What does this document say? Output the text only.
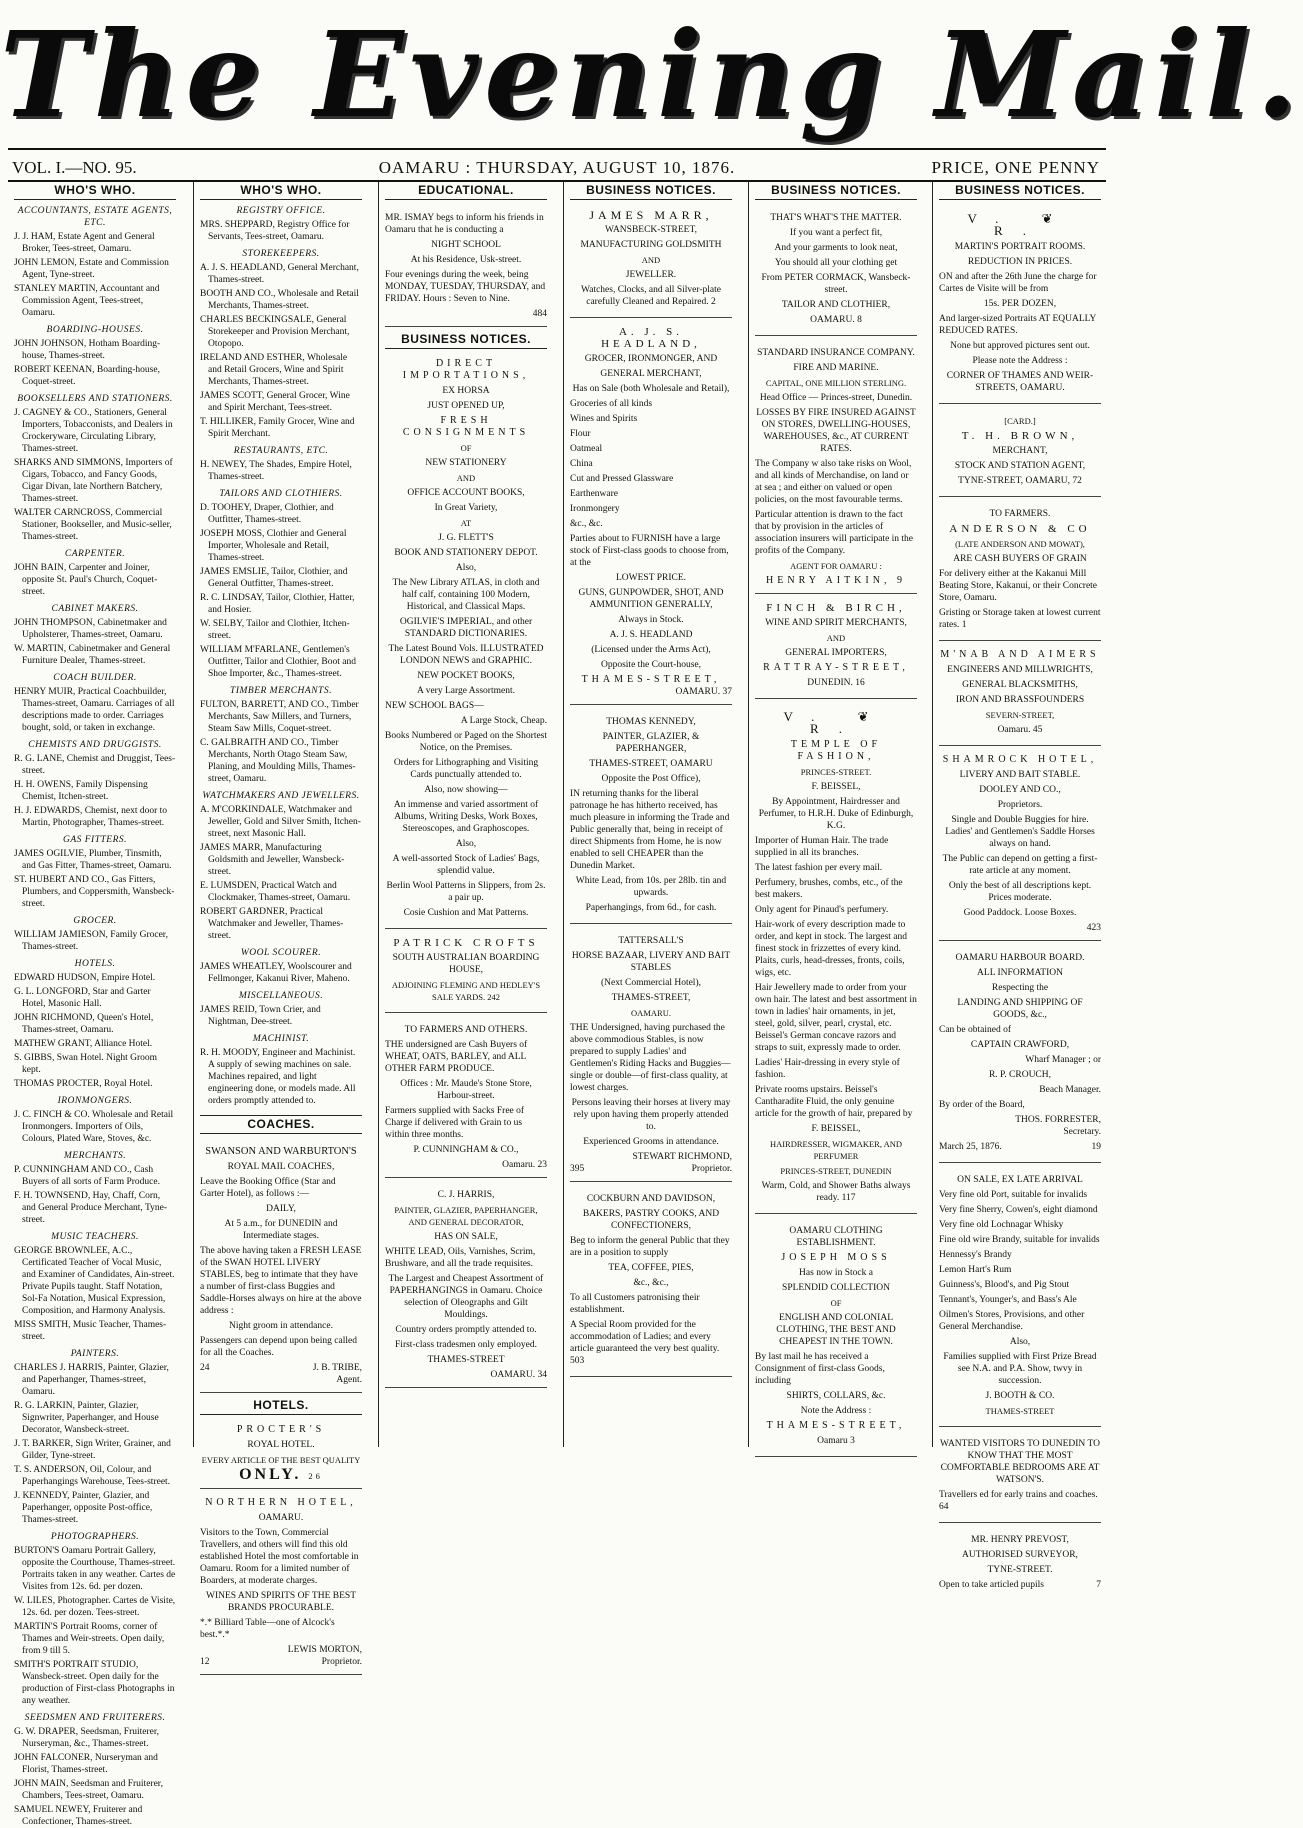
The Evening Mail.
VOL. I.—NO. 95.	OAMARU : THURSDAY, AUGUST 10, 1876.	PRICE, ONE PENNY
WHO'S WHO.
ACCOUNTANTS, ESTATE AGENTS, ETC.
J. J. HAM, Estate Agent and General Broker, Tees-street, Oamaru.
JOHN LEMON, Estate and Commission Agent, Tyne-street.
STANLEY MARTIN, Accountant and Commission Agent, Tees-street, Oamaru.
BOARDING-HOUSES.
JOHN JOHNSON, Hotham Boarding-house, Thames-street.
ROBERT KEENAN, Boarding-house, Coquet-street.
BOOKSELLERS AND STATIONERS.
J. CAGNEY & CO., Stationers, General Importers, Tobacconists, and Dealers in Crockeryware, Circulating Library, Thames-street.
SHARKS AND SIMMONS, Importers of Cigars, Tobacco, and Fancy Goods, Cigar Divan, late Northern Batchery, Thames-street.
WALTER CARNCROSS, Commercial Stationer, Bookseller, and Music-seller, Thames-street.
CARPENTER.
JOHN BAIN, Carpenter and Joiner, opposite St. Paul's Church, Coquet-street.
CABINET MAKERS.
JOHN THOMPSON, Cabinetmaker and Upholsterer, Thames-street, Oamaru.
W. MARTIN, Cabinetmaker and General Furniture Dealer, Thames-street.
COACH BUILDER.
HENRY MUIR, Practical Coachbuilder, Thames-street, Oamaru. Carriages of all descriptions made to order. Carriages bought, sold, or taken in exchange.
CHEMISTS AND DRUGGISTS.
R. G. LANE, Chemist and Druggist, Tees-street.
H. H. OWENS, Family Dispensing Chemist, Itchen-street.
H. J. EDWARDS, Chemist, next door to Martin, Photographer, Thames-street.
GAS FITTERS.
JAMES OGILVIE, Plumber, Tinsmith, and Gas Fitter, Thames-street, Oamaru.
ST. HUBERT AND CO., Gas Fitters, Plumbers, and Coppersmith, Wansbeck-street.
GROCER.
WILLIAM JAMIESON, Family Grocer, Thames-street.
HOTELS.
EDWARD HUDSON, Empire Hotel.
G. L. LONGFORD, Star and Garter Hotel, Masonic Hall.
JOHN RICHMOND, Queen's Hotel, Thames-street, Oamaru.
MATHEW GRANT, Alliance Hotel.
S. GIBBS, Swan Hotel. Night Groom kept.
THOMAS PROCTER, Royal Hotel.
IRONMONGERS.
J. C. FINCH & CO. Wholesale and Retail Ironmongers. Importers of Oils, Colours, Plated Ware, Stoves, &c.
MERCHANTS.
P. CUNNINGHAM AND CO., Cash Buyers of all sorts of Farm Produce.
F. H. TOWNSEND, Hay, Chaff, Corn, and General Produce Merchant, Tyne-street.
MUSIC TEACHERS.
GEORGE BROWNLEE, A.C., Certificated Teacher of Vocal Music, and Examiner of Candidates, Ain-street. Private Pupils taught. Staff Notation, Sol-Fa Notation, Musical Expression, Composition, and Harmony Analysis.
MISS SMITH, Music Teacher, Thames-street.
PAINTERS.
CHARLES J. HARRIS, Painter, Glazier, and Paperhanger, Thames-street, Oamaru.
R. G. LARKIN, Painter, Glazier, Signwriter, Paperhanger, and House Decorator, Wansbeck-street.
J. T. BARKER, Sign Writer, Grainer, and Gilder, Tyne-street.
T. S. ANDERSON, Oil, Colour, and Paperhangings Warehouse, Tees-street.
J. KENNEDY, Painter, Glazier, and Paperhanger, opposite Post-office, Thames-street.
PHOTOGRAPHERS.
BURTON'S Oamaru Portrait Gallery, opposite the Courthouse, Thames-street. Portraits taken in any weather. Cartes de Visites from 12s. 6d. per dozen.
W. LILES, Photographer. Cartes de Visite, 12s. 6d. per dozen. Tees-street.
MARTIN'S Portrait Rooms, corner of Thames and Weir-streets. Open daily, from 9 till 5.
SMITH'S PORTRAIT STUDIO, Wansbeck-street. Open daily for the production of First-class Photographs in any weather.
SEEDSMEN AND FRUITERERS.
G. W. DRAPER, Seedsman, Fruiterer, Nurseryman, &c., Thames-street.
JOHN FALCONER, Nurseryman and Florist, Thames-street.
JOHN MAIN, Seedsman and Fruiterer, Chambers, Tees-street, Oamaru.
SAMUEL NEWEY, Fruiterer and Confectioner, Thames-street.
WHO'S WHO.
REGISTRY OFFICE.
MRS. SHEPPARD, Registry Office for Servants, Tees-street, Oamaru.
STOREKEEPERS.
A. J. S. HEADLAND, General Merchant, Thames-street.
BOOTH AND CO., Wholesale and Retail Merchants, Thames-street.
CHARLES BECKINGSALE, General Storekeeper and Provision Merchant, Otopopo.
IRELAND AND ESTHER, Wholesale and Retail Grocers, Wine and Spirit Merchants, Thames-street.
JAMES SCOTT, General Grocer, Wine and Spirit Merchant, Tees-street.
T. HILLIKER, Family Grocer, Wine and Spirit Merchant.
RESTAURANTS, ETC.
H. NEWEY, The Shades, Empire Hotel, Thames-street.
TAILORS AND CLOTHIERS.
D. TOOHEY, Draper, Clothier, and Outfitter, Thames-street.
JOSEPH MOSS, Clothier and General Importer, Wholesale and Retail, Thames-street.
JAMES EMSLIE, Tailor, Clothier, and General Outfitter, Thames-street.
R. C. LINDSAY, Tailor, Clothier, Hatter, and Hosier.
W. SELBY, Tailor and Clothier, Itchen-street.
WILLIAM M'FARLANE, Gentlemen's Outfitter, Tailor and Clothier, Boot and Shoe Importer, &c., Thames-street.
TIMBER MERCHANTS.
FULTON, BARRETT, AND CO., Timber Merchants, Saw Millers, and Turners, Steam Saw Mills, Coquet-street.
C. GALBRAITH AND CO., Timber Merchants, North Otago Steam Saw, Planing, and Moulding Mills, Thames-street, Oamaru.
WATCHMAKERS AND JEWELLERS.
A. M'CORKINDALE, Watchmaker and Jeweller, Gold and Silver Smith, Itchen-street, next Masonic Hall.
JAMES MARR, Manufacturing Goldsmith and Jeweller, Wansbeck-street.
E. LUMSDEN, Practical Watch and Clockmaker, Thames-street, Oamaru.
ROBERT GARDNER, Practical Watchmaker and Jeweller, Thames-street.
WOOL SCOURER.
JAMES WHEATLEY, Woolscourer and Fellmonger, Kakanui River, Maheno.
MISCELLANEOUS.
JAMES REID, Town Crier, and Nightman, Dee-street.
MACHINIST.
R. H. MOODY, Engineer and Machinist. A supply of sewing machines on sale. Machines repaired, and light engineering done, or models made. All orders promptly attended to.
COACHES.
SWANSON AND WARBURTON'S
ROYAL MAIL COACHES,
Leave the Booking Office (Star and Garter Hotel), as follows :—
DAILY,
At 5 a.m., for DUNEDIN and Intermediate stages.
The above having taken a FRESH LEASE of the SWAN HOTEL LIVERY STABLES, beg to intimate that they have a number of first-class Buggies and Saddle-Horses always on hire at the above address :
Night groom in attendance.
Passengers can depend upon being called for all the Coaches.
24	J. B. TRIBE,
Agent.
HOTELS.
PROCTER'S
ROYAL HOTEL.
EVERY ARTICLE OF THE BEST QUALITY
ONLY. 26
NORTHERN HOTEL,
OAMARU.
Visitors to the Town, Commercial Travellers, and others will find this old established Hotel the most comfortable in Oamaru. Room for a limited number of Boarders, at moderate charges.
WINES AND SPIRITS OF THE BEST BRANDS PROCURABLE.
*.* Billiard Table—one of Alcock's best.*.*
LEWIS MORTON,
12	Proprietor.
EDUCATIONAL.
MR. ISMAY begs to inform his friends in Oamaru that he is conducting a
NIGHT SCHOOL
At his Residence, Usk-street.
Four evenings during the week, being MONDAY, TUESDAY, THURSDAY, and FRIDAY. Hours : Seven to Nine.
484
BUSINESS NOTICES.
DIRECT IMPORTATIONS,
EX HORSA
JUST OPENED UP,
FRESH CONSIGNMENTS
OF
NEW STATIONERY
AND
OFFICE ACCOUNT BOOKS,
In Great Variety,
AT
J. G. FLETT'S
BOOK AND STATIONERY DEPOT.
Also,
The New Library ATLAS, in cloth and half calf, containing 100 Modern, Historical, and Classical Maps.
OGILVIE'S IMPERIAL, and other STANDARD DICTIONARIES.
The Latest Bound Vols. ILLUSTRATED LONDON NEWS and GRAPHIC.
NEW POCKET BOOKS,
A very Large Assortment.
NEW SCHOOL BAGS—
A Large Stock, Cheap.
Books Numbered or Paged on the Shortest Notice, on the Premises.
Orders for Lithographing and Visiting Cards punctually attended to.
Also, now showing—
An immense and varied assortment of Albums, Writing Desks, Work Boxes, Stereoscopes, and Graphoscopes.
Also,
A well-assorted Stock of Ladies' Bags, splendid value.
Berlin Wool Patterns in Slippers, from 2s. a pair up.
Cosie Cushion and Mat Patterns.
PATRICK CROFTS
SOUTH AUSTRALIAN BOARDING HOUSE,
ADJOINING FLEMING AND HEDLEY'S SALE YARDS. 242
TO FARMERS AND OTHERS.
THE undersigned are Cash Buyers of WHEAT, OATS, BARLEY, and ALL OTHER FARM PRODUCE.
Offices : Mr. Maude's Stone Store, Harbour-street.
Farmers supplied with Sacks Free of Charge if delivered with Grain to us within three months.
P. CUNNINGHAM & CO.,
Oamaru. 23
C. J. HARRIS,
PAINTER, GLAZIER, PAPERHANGER, AND GENERAL DECORATOR,
HAS ON SALE,
WHITE LEAD, Oils, Varnishes, Scrim, Brushware, and all the trade requisites.
The Largest and Cheapest Assortment of PAPERHANGINGS in Oamaru. Choice selection of Oleographs and Gilt Mouldings.
Country orders promptly attended to.
First-class tradesmen only employed.
THAMES-STREET
OAMARU. 34
BUSINESS NOTICES.
JAMES MARR,
WANSBECK-STREET,
MANUFACTURING GOLDSMITH
AND
JEWELLER.
Watches, Clocks, and all Silver-plate carefully Cleaned and Repaired. 2
A. J. S. HEADLAND,
GROCER, IRONMONGER, AND
GENERAL MERCHANT,
Has on Sale (both Wholesale and Retail),
Groceries of all kinds
Wines and Spirits
Flour
Oatmeal
China
Cut and Pressed Glassware
Earthenware
Ironmongery
&c., &c.
Parties about to FURNISH have a large stock of First-class goods to choose from, at the
LOWEST PRICE.
GUNS, GUNPOWDER, SHOT, AND AMMUNITION GENERALLY,
Always in Stock.
A. J. S. HEADLAND
(Licensed under the Arms Act),
Opposite the Court-house,
THAMES-STREET,
OAMARU. 37
THOMAS KENNEDY,
PAINTER, GLAZIER, & PAPERHANGER,
THAMES-STREET, OAMARU
Opposite the Post Office),
IN returning thanks for the liberal patronage he has hitherto received, has much pleasure in informing the Trade and Public generally that, being in receipt of direct Shipments from Home, he is now enabled to sell CHEAPER than the Dunedin Market.
White Lead, from 10s. per 28lb. tin and upwards.
Paperhangings, from 6d., for cash.
TATTERSALL'S
HORSE BAZAAR, LIVERY AND BAIT STABLES
(Next Commercial Hotel),
THAMES-STREET,
OAMARU.
THE Undersigned, having purchased the above commodious Stables, is now prepared to supply Ladies' and Gentlemen's Riding Hacks and Buggies—single or double—of first-class quality, at lowest charges.
Persons leaving their horses at livery may rely upon having them properly attended to.
Experienced Grooms in attendance.
STEWART RICHMOND,
395	Proprietor.
COCKBURN AND DAVIDSON,
BAKERS, PASTRY COOKS, AND CONFECTIONERS,
Beg to inform the general Public that they are in a position to supply
TEA, COFFEE, PIES,
&c., &c.,
To all Customers patronising their establishment.
A Special Room provided for the accommodation of Ladies; and every article guaranteed the very best quality. 503
BUSINESS NOTICES.
THAT'S WHAT'S THE MATTER.
If you want a perfect fit,
And your garments to look neat,
You should all your clothing get
From PETER CORMACK, Wansbeck-street.
TAILOR AND CLOTHIER,
OAMARU. 8
STANDARD INSURANCE COMPANY.
FIRE AND MARINE.
CAPITAL, ONE MILLION STERLING.
Head Office — Princes-street, Dunedin.
LOSSES BY FIRE INSURED AGAINST ON STORES, DWELLING-HOUSES, WAREHOUSES, &c., AT CURRENT RATES.
The Company w also take risks on Wool, and all kinds of Merchandise, on land or at sea ; and either on valued or open policies, on the most favourable terms.
Particular attention is drawn to the fact that by provision in the articles of association insurers will participate in the profits of the Company.
AGENT FOR OAMARU :
HENRY AITKIN, 9
FINCH & BIRCH,
WINE AND SPIRIT MERCHANTS,
AND
GENERAL IMPORTERS,
RATTRAY-STREET,
DUNEDIN. 16
V. ❦ R.
TEMPLE OF FASHION,
PRINCES-STREET.
F. BEISSEL,
By Appointment, Hairdresser and Perfumer, to H.R.H. Duke of Edinburgh, K.G.
Importer of Human Hair. The trade supplied in all its branches.
The latest fashion per every mail.
Perfumery, brushes, combs, etc., of the best makers.
Only agent for Pinaud's perfumery.
Hair-work of every description made to order, and kept in stock. The largest and finest stock in frizzettes of every kind. Plaits, curls, head-dresses, fronts, coils, wigs, etc.
Hair Jewellery made to order from your own hair. The latest and best assortment in town in ladies' hair ornaments, in jet, steel, gold, silver, pearl, crystal, etc. Beissel's German concave razors and straps to suit, expressly made to order.
Ladies' Hair-dressing in every style of fashion.
Private rooms upstairs. Beissel's Cantharadite Fluid, the only genuine article for the growth of hair, prepared by
F. BEISSEL,
HAIRDRESSER, WIGMAKER, AND PERFUMER
PRINCES-STREET, DUNEDIN
Warm, Cold, and Shower Baths always ready. 117
OAMARU CLOTHING ESTABLISHMENT.
JOSEPH MOSS
Has now in Stock a
SPLENDID COLLECTION
OF
ENGLISH AND COLONIAL CLOTHING, THE BEST AND CHEAPEST IN THE TOWN.
By last mail he has received a Consignment of first-class Goods, including
SHIRTS, COLLARS, &c.
Note the Address :
THAMES-STREET,
Oamaru 3
BUSINESS NOTICES.
V. ❦ R.
MARTIN'S PORTRAIT ROOMS.
REDUCTION IN PRICES.
ON and after the 26th June the charge for Cartes de Visite will be from
15s. PER DOZEN,
And larger-sized Portraits AT EQUALLY REDUCED RATES.
None but approved pictures sent out.
Please note the Address :
CORNER OF THAMES AND WEIR-STREETS, OAMARU.
[CARD.]
T. H. BROWN,
MERCHANT,
STOCK AND STATION AGENT,
TYNE-STREET, OAMARU, 72
TO FARMERS.
ANDERSON & CO
(LATE ANDERSON AND MOWAT),
ARE CASH BUYERS OF GRAIN
For delivery either at the Kakanui Mill Beating Store, Kakanui, or their Concrete Store, Oamaru.
Gristing or Storage taken at lowest current rates. 1
M'NAB AND AIMERS
ENGINEERS AND MILLWRIGHTS,
GENERAL BLACKSMITHS,
IRON AND BRASSFOUNDERS
SEVERN-STREET,
Oamaru. 45
SHAMROCK HOTEL,
LIVERY AND BAIT STABLE.
DOOLEY AND CO.,
Proprietors.
Single and Double Buggies for hire. Ladies' and Gentlemen's Saddle Horses always on hand.
The Public can depend on getting a first-rate article at any moment.
Only the best of all descriptions kept. Prices moderate.
Good Paddock. Loose Boxes.
423
OAMARU HARBOUR BOARD.
ALL INFORMATION
Respecting the
LANDING AND SHIPPING OF GOODS, &c.,
Can be obtained of
CAPTAIN CRAWFORD,
Wharf Manager ; or
R. P. CROUCH,
Beach Manager.
By order of the Board,
THOS. FORRESTER,
Secretary.
March 25, 1876.	19
ON SALE, EX LATE ARRIVAL
Very fine old Port, suitable for invalids
Very fine Sherry, Cowen's, eight diamond
Very fine old Lochnagar Whisky
Fine old wire Brandy, suitable for invalids
Hennessy's Brandy
Lemon Hart's Rum
Guinness's, Blood's, and Pig Stout
Tennant's, Younger's, and Bass's Ale
Oilmen's Stores, Provisions, and other General Merchandise.
Also,
Families supplied with First Prize Bread see N.A. and P.A. Show, twvy in succession.
J. BOOTH & CO.
THAMES-STREET
WANTED VISITORS TO DUNEDIN TO KNOW THAT THE MOST COMFORTABLE BEDROOMS ARE AT WATSON'S.
Travellers ed for early trains and coaches. 64
MR. HENRY PREVOST,
AUTHORISED SURVEYOR,
TYNE-STREET.
Open to take articled pupils	7
